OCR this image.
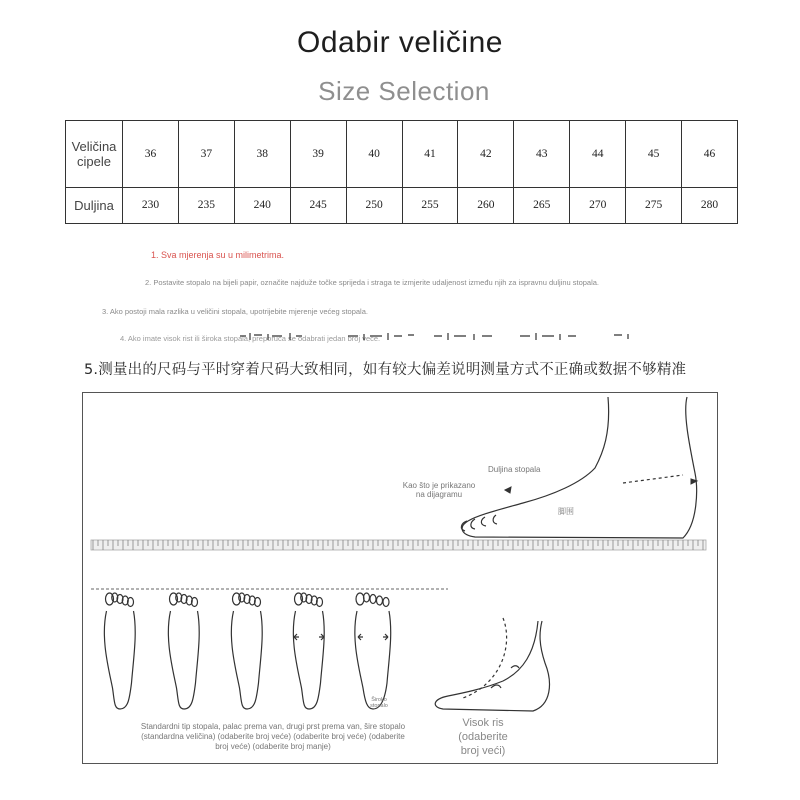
Odabir veličine
Size Selection
Veličina
cipele	36	37	38	39	40	41	42	43	44	45	46
Duljina	230	235	240	245	250	255	260	265	270	275	280
1. Sva mjerenja su u milimetrima.
2. Postavite stopalo na bijeli papir, označite najduže točke sprijeda i straga te izmjerite udaljenost između njih za ispravnu duljinu stopala.
3. Ako postoji mala razlika u veličini stopala, upotrijebite mjerenje većeg stopala.
4. Ako imate visok rist ili široka stopala, preporuča se odabrati jedan broj veće.
5.测量出的尺码与平时穿着尺码大致相同，如有较大偏差说明测量方式不正确或数据不够精准
Duljina stopala
Kao što je prikazano
na dijagramu
脚围
Široko
stopalo
Standardni tip stopala, palac prema van, drugi prst prema van, šire stopalo
(standardna veličina) (odaberite broj veće) (odaberite broj veće) (odaberite
broj veće) (odaberite broj manje)
Visok ris
(odaberite
broj veći)
